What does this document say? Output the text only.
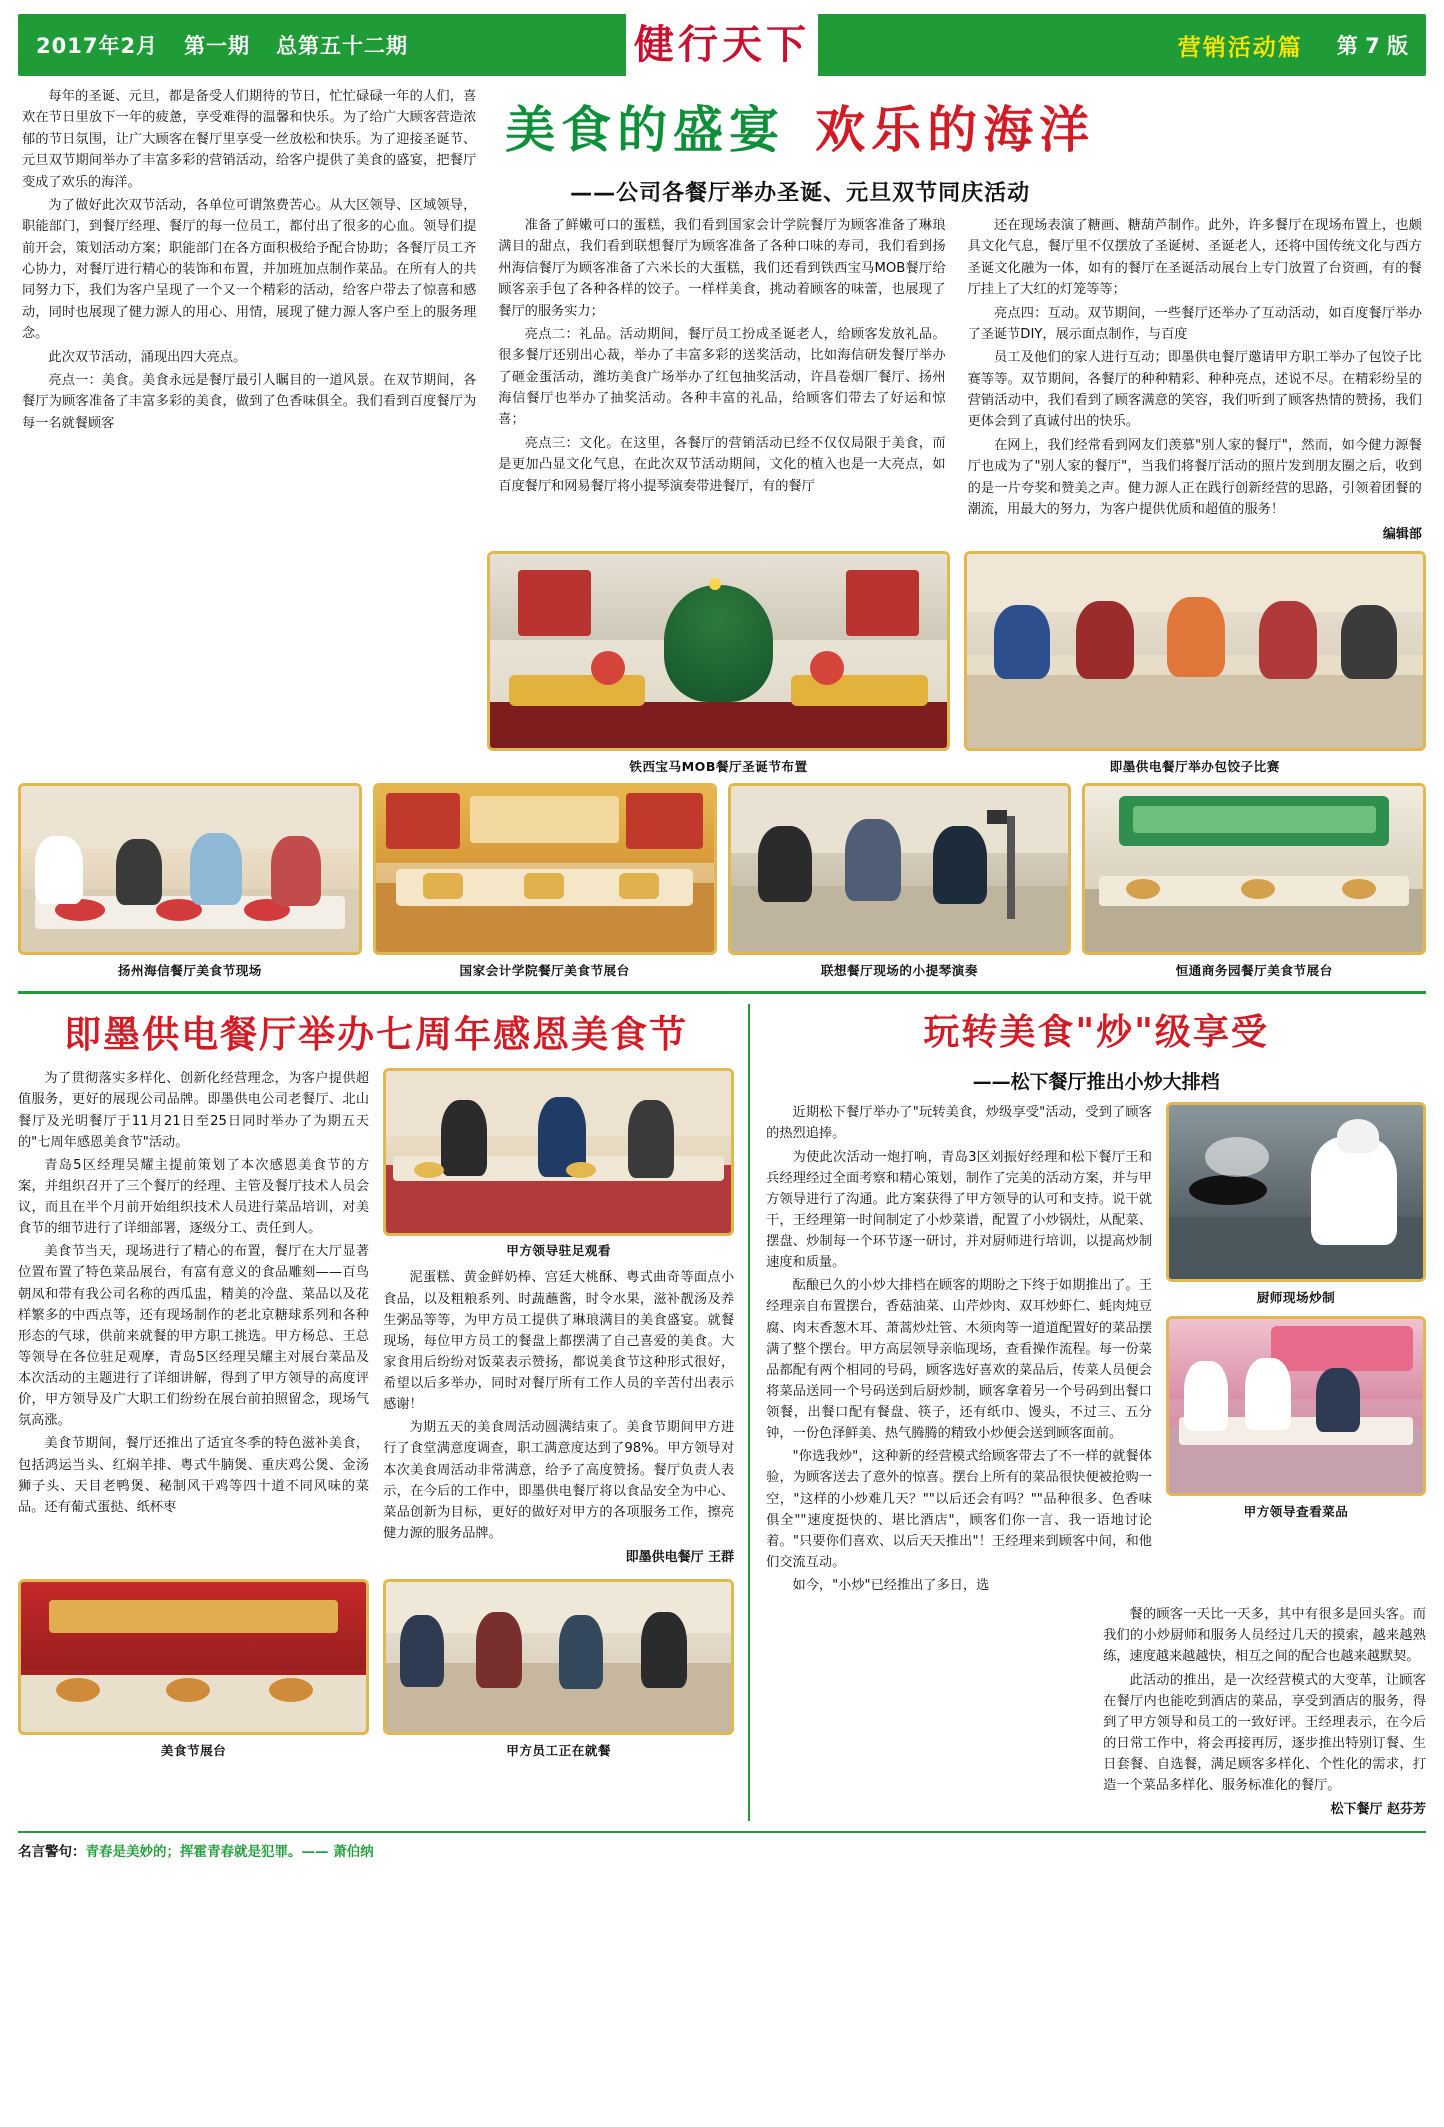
2017年2月 第一期 总第五十二期	健行天下	营销活动篇 第 7 版

每年的圣诞、元旦，都是备受人们期待的节日，忙忙碌碌一年的人们，喜欢在节日里放下一年的疲惫，享受难得的温馨和快乐。为了给广大顾客营造浓郁的节日氛围，让广大顾客在餐厅里享受一丝放松和快乐。为了迎接圣诞节、元旦双节期间举办了丰富多彩的营销活动，给客户提供了美食的盛宴，把餐厅变成了欢乐的海洋。

为了做好此次双节活动，各单位可谓煞费苦心。从大区领导、区域领导，职能部门，到餐厅经理、餐厅的每一位员工，都付出了很多的心血。领导们提前开会，策划活动方案；职能部门在各方面积极给予配合协助；各餐厅员工齐心协力，对餐厅进行精心的装饰和布置，并加班加点制作菜品。在所有人的共同努力下，我们为客户呈现了一个又一个精彩的活动，给客户带去了惊喜和感动，同时也展现了健力源人的用心、用情，展现了健力源人客户至上的服务理念。

此次双节活动，涌现出四大亮点。

亮点一：美食。美食永远是餐厅最引人瞩目的一道风景。在双节期间，各餐厅为顾客准备了丰富多彩的美食，做到了色香味俱全。我们看到百度餐厅为每一名就餐顾客

美食的盛宴 欢乐的海洋
——公司各餐厅举办圣诞、元旦双节同庆活动

准备了鲜嫩可口的蛋糕，我们看到国家会计学院餐厅为顾客准备了琳琅满目的甜点，我们看到联想餐厅为顾客准备了各种口味的寿司，我们看到扬州海信餐厅为顾客准备了六米长的大蛋糕，我们还看到铁西宝马MOB餐厅给顾客亲手包了各种各样的饺子。一样样美食，挑动着顾客的味蕾，也展现了餐厅的服务实力；

亮点二：礼品。活动期间，餐厅员工扮成圣诞老人，给顾客发放礼品。很多餐厅还别出心裁，举办了丰富多彩的送奖活动，比如海信研发餐厅举办了砸金蛋活动，潍坊美食广场举办了红包抽奖活动，许昌卷烟厂餐厅、扬州海信餐厅也举办了抽奖活动。各种丰富的礼品，给顾客们带去了好运和惊喜；

亮点三：文化。在这里，各餐厅的营销活动已经不仅仅局限于美食，而是更加凸显文化气息，在此次双节活动期间，文化的植入也是一大亮点，如百度餐厅和网易餐厅将小提琴演奏带进餐厅，有的餐厅

还在现场表演了糖画、糖葫芦制作。此外，许多餐厅在现场布置上，也颇具文化气息，餐厅里不仅摆放了圣诞树、圣诞老人，还将中国传统文化与西方圣诞文化融为一体，如有的餐厅在圣诞活动展台上专门放置了台资画，有的餐厅挂上了大红的灯笼等等；

亮点四：互动。双节期间，一些餐厅还举办了互动活动，如百度餐厅举办了圣诞节DIY，展示面点制作，与百度

员工及他们的家人进行互动；即墨供电餐厅邀请甲方职工举办了包饺子比赛等等。双节期间，各餐厅的种种精彩、种种亮点，述说不尽。在精彩纷呈的营销活动中，我们看到了顾客满意的笑容，我们听到了顾客热情的赞扬，我们更体会到了真诚付出的快乐。

在网上，我们经常看到网友们羡慕"别人家的餐厅"，然而，如今健力源餐厅也成为了"别人家的餐厅"，当我们将餐厅活动的照片发到朋友圈之后，收到的是一片夸奖和赞美之声。健力源人正在践行创新经营的思路，引领着团餐的潮流，用最大的努力，为客户提供优质和超值的服务！

编辑部
铁西宝马MOB餐厅圣诞节布置	即墨供电餐厅举办包饺子比赛
扬州海信餐厅美食节现场	国家会计学院餐厅美食节展台	联想餐厅现场的小提琴演奏	恒通商务园餐厅美食节展台
即墨供电餐厅举办七周年感恩美食节

为了贯彻落实多样化、创新化经营理念，为客户提供超值服务，更好的展现公司品牌。即墨供电公司老餐厅、北山餐厅及光明餐厅于11月21日至25日同时举办了为期五天的"七周年感恩美食节"活动。

青岛5区经理吴耀主提前策划了本次感恩美食节的方案，并组织召开了三个餐厅的经理、主管及餐厅技术人员会议，而且在半个月前开始组织技术人员进行菜品培训，对美食节的细节进行了详细部署，逐级分工、责任到人。

美食节当天，现场进行了精心的布置，餐厅在大厅显著位置布置了特色菜品展台，有富有意义的食品雕刻——百鸟朝凤和带有我公司名称的西瓜盅，精美的冷盘、菜品以及花样繁多的中西点等，还有现场制作的老北京糖球系列和各种形态的气球，供前来就餐的甲方职工挑选。甲方杨总、王总等领导在各位驻足观摩，青岛5区经理吴耀主对展台菜品及本次活动的主题进行了详细讲解，得到了甲方领导的高度评价，甲方领导及广大职工们纷纷在展台前拍照留念，现场气氛高涨。

美食节期间，餐厅还推出了适宜冬季的特色滋补美食，包括鸿运当头、红焖羊排、粤式牛腩煲、重庆鸡公煲、金汤狮子头、天目老鸭煲、秘制风干鸡等四十道不同风味的菜品。还有葡式蛋挞、纸杯枣

甲方领导驻足观看

泥蛋糕、黄金鲜奶棒、宫廷大桃酥、粤式曲奇等面点小食品，以及粗粮系列、时蔬蘸酱，时令水果，滋补靓汤及养生粥品等等，为甲方员工提供了琳琅满目的美食盛宴。就餐现场，每位甲方员工的餐盘上都摆满了自己喜爱的美食。大家食用后纷纷对饭菜表示赞扬，都说美食节这种形式很好，希望以后多举办，同时对餐厅所有工作人员的辛苦付出表示感谢！

为期五天的美食周活动圆满结束了。美食节期间甲方进行了食堂满意度调查，职工满意度达到了98%。甲方领导对本次美食周活动非常满意，给予了高度赞扬。餐厅负责人表示，在今后的工作中，即墨供电餐厅将以食品安全为中心、菜品创新为目标，更好的做好对甲方的各项服务工作，擦亮健力源的服务品牌。

即墨供电餐厅 王群
美食节展台	甲方员工正在就餐
玩转美食"炒"级享受
——松下餐厅推出小炒大排档

近期松下餐厅举办了"玩转美食，炒级享受"活动，受到了顾客的热烈追捧。

为使此次活动一炮打响，青岛3区刘振好经理和松下餐厅王和兵经理经过全面考察和精心策划，制作了完美的活动方案，并与甲方领导进行了沟通。此方案获得了甲方领导的认可和支持。说干就干，王经理第一时间制定了小炒菜谱，配置了小炒锅灶，从配菜、摆盘、炒制每一个环节逐一研讨，并对厨师进行培训，以提高炒制速度和质量。

酝酿已久的小炒大排档在顾客的期盼之下终于如期推出了。王经理亲自布置摆台，香菇油菜、山芹炒肉、双耳炒虾仁、蚝肉炖豆腐、肉末香葱木耳、萧蒿炒灶管、木须肉等一道道配置好的菜品摆满了整个摆台。甲方高层领导亲临现场，查看操作流程。每一份菜品都配有两个相同的号码，顾客选好喜欢的菜品后，传菜人员便会将菜品送同一个号码送到后厨炒制，顾客拿着另一个号码到出餐口领餐，出餐口配有餐盘、筷子，还有纸巾、馒头，不过三、五分钟，一份色泽鲜美、热气腾腾的精致小炒便会送到顾客面前。

"你选我炒"，这种新的经营模式给顾客带去了不一样的就餐体验，为顾客送去了意外的惊喜。摆台上所有的菜品很快便被抢购一空，"这样的小炒难几天？""以后还会有吗？""品种很多、色香味俱全""速度挺快的、堪比酒店"，顾客们你一言、我一语地讨论着。"只要你们喜欢、以后天天推出"！王经理来到顾客中间，和他们交流互动。

如今，"小炒"已经推出了多日，选

厨师现场炒制
甲方领导查看菜品

餐的顾客一天比一天多，其中有很多是回头客。而我们的小炒厨师和服务人员经过几天的摸索，越来越熟练，速度越来越越快，相互之间的配合也越来越默契。

此活动的推出，是一次经营模式的大变革，让顾客在餐厅内也能吃到酒店的菜品，享受到酒店的服务，得到了甲方领导和员工的一致好评。王经理表示，在今后的日常工作中，将会再接再厉，逐步推出特别订餐、生日套餐、自选餐，满足顾客多样化、个性化的需求，打造一个菜品多样化、服务标准化的餐厅。

松下餐厅 赵芬芳
名言警句：青春是美妙的；挥霍青春就是犯罪。—— 萧伯纳
